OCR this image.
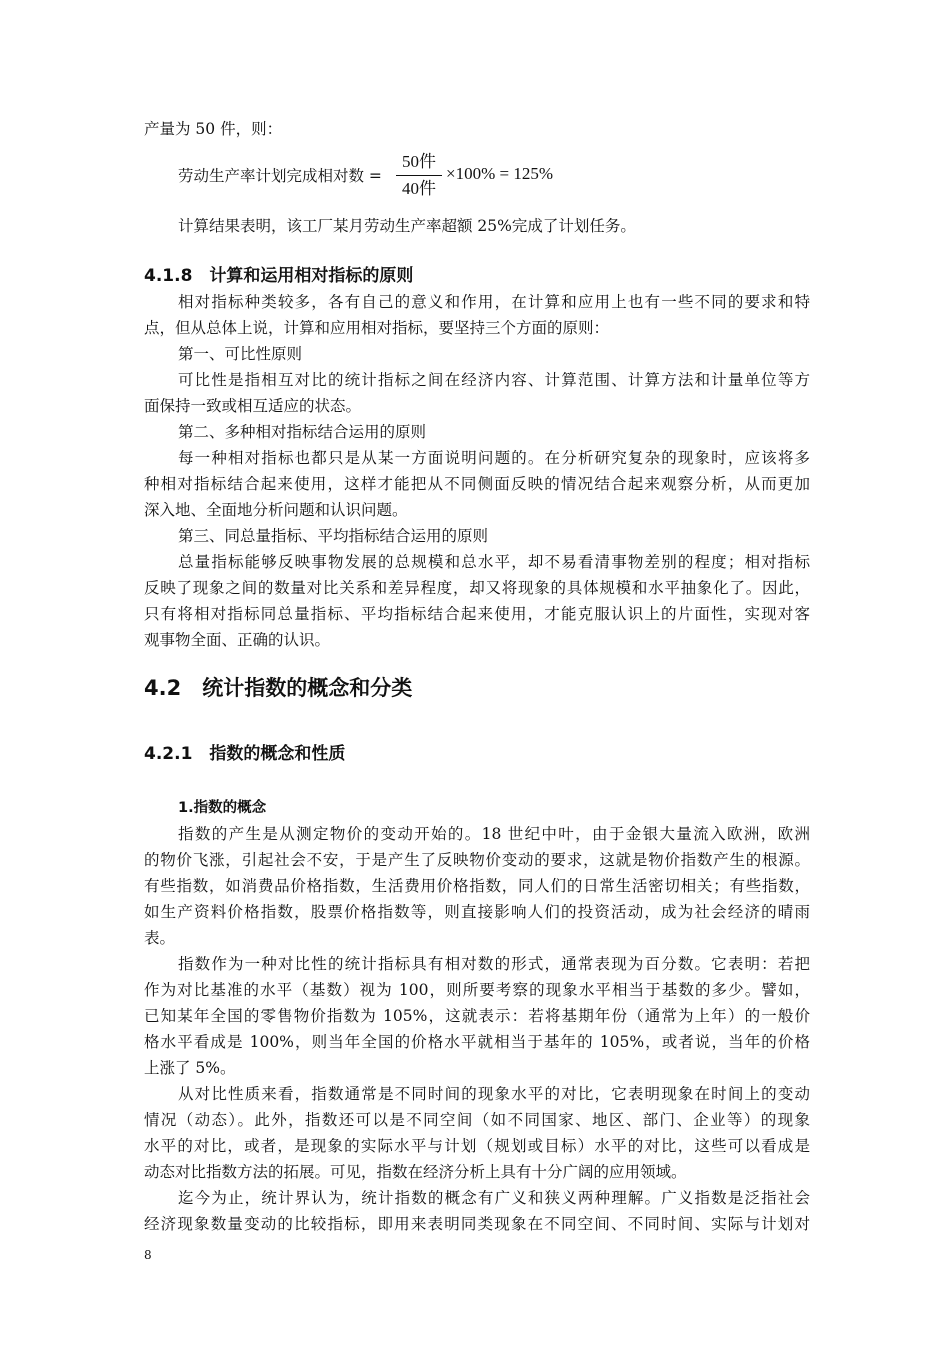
产量为 50 件，则：
劳动生产率计划完成相对数 =
50件
40件
×100% = 125%
计算结果表明，该工厂某月劳动生产率超额 25%完成了计划任务。
4.1.8　计算和运用相对指标的原则
相对指标种类较多，各有自己的意义和作用，在计算和应用上也有一些不同的要求和特
点，但从总体上说，计算和应用相对指标，要坚持三个方面的原则：
第一、可比性原则
可比性是指相互对比的统计指标之间在经济内容、计算范围、计算方法和计量单位等方
面保持一致或相互适应的状态。
第二、多种相对指标结合运用的原则
每一种相对指标也都只是从某一方面说明问题的。在分析研究复杂的现象时，应该将多
种相对指标结合起来使用，这样才能把从不同侧面反映的情况结合起来观察分析，从而更加
深入地、全面地分析问题和认识问题。
第三、同总量指标、平均指标结合运用的原则
总量指标能够反映事物发展的总规模和总水平，却不易看清事物差别的程度；相对指标
反映了现象之间的数量对比关系和差异程度，却又将现象的具体规模和水平抽象化了。因此，
只有将相对指标同总量指标、平均指标结合起来使用，才能克服认识上的片面性，实现对客
观事物全面、正确的认识。
4.2　统计指数的概念和分类
4.2.1　指数的概念和性质
1.指数的概念
指数的产生是从测定物价的变动开始的。18 世纪中叶，由于金银大量流入欧洲，欧洲
的物价飞涨，引起社会不安，于是产生了反映物价变动的要求，这就是物价指数产生的根源。
有些指数，如消费品价格指数，生活费用价格指数，同人们的日常生活密切相关；有些指数，
如生产资料价格指数，股票价格指数等，则直接影响人们的投资活动，成为社会经济的晴雨
表。
指数作为一种对比性的统计指标具有相对数的形式，通常表现为百分数。它表明：若把
作为对比基准的水平（基数）视为 100，则所要考察的现象水平相当于基数的多少。譬如，
已知某年全国的零售物价指数为 105%，这就表示：若将基期年份（通常为上年）的一般价
格水平看成是 100%，则当年全国的价格水平就相当于基年的 105%，或者说，当年的价格
上涨了 5%。
从对比性质来看，指数通常是不同时间的现象水平的对比，它表明现象在时间上的变动
情况（动态）。此外，指数还可以是不同空间（如不同国家、地区、部门、企业等）的现象
水平的对比，或者，是现象的实际水平与计划（规划或目标）水平的对比，这些可以看成是
动态对比指数方法的拓展。可见，指数在经济分析上具有十分广阔的应用领域。
迄今为止，统计界认为，统计指数的概念有广义和狭义两种理解。广义指数是泛指社会
经济现象数量变动的比较指标，即用来表明同类现象在不同空间、不同时间、实际与计划对
8
